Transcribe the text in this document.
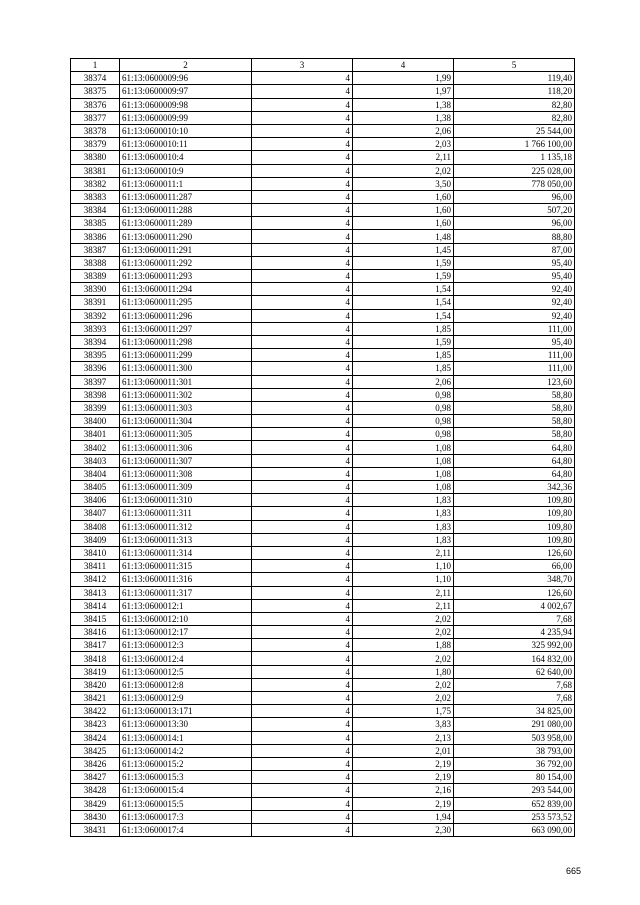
1	2	3	4	5
38374	61:13:0600009:96	4	1,99	119,40
38375	61:13:0600009:97	4	1,97	118,20
38376	61:13:0600009:98	4	1,38	82,80
38377	61:13:0600009:99	4	1,38	82,80
38378	61:13:0600010:10	4	2,06	25 544,00
38379	61:13:0600010:11	4	2,03	1 766 100,00
38380	61:13:0600010:4	4	2,11	1 135,18
38381	61:13:0600010:9	4	2,02	225 028,00
38382	61:13:0600011:1	4	3,50	778 050,00
38383	61:13:0600011:287	4	1,60	96,00
38384	61:13:0600011:288	4	1,60	507,20
38385	61:13:0600011:289	4	1,60	96,00
38386	61:13:0600011:290	4	1,48	88,80
38387	61:13:0600011:291	4	1,45	87,00
38388	61:13:0600011:292	4	1,59	95,40
38389	61:13:0600011:293	4	1,59	95,40
38390	61:13:0600011:294	4	1,54	92,40
38391	61:13:0600011:295	4	1,54	92,40
38392	61:13:0600011:296	4	1,54	92,40
38393	61:13:0600011:297	4	1,85	111,00
38394	61:13:0600011:298	4	1,59	95,40
38395	61:13:0600011:299	4	1,85	111,00
38396	61:13:0600011:300	4	1,85	111,00
38397	61:13:0600011:301	4	2,06	123,60
38398	61:13:0600011:302	4	0,98	58,80
38399	61:13:0600011:303	4	0,98	58,80
38400	61:13:0600011:304	4	0,98	58,80
38401	61:13:0600011:305	4	0,98	58,80
38402	61:13:0600011:306	4	1,08	64,80
38403	61:13:0600011:307	4	1,08	64,80
38404	61:13:0600011:308	4	1,08	64,80
38405	61:13:0600011:309	4	1,08	342,36
38406	61:13:0600011:310	4	1,83	109,80
38407	61:13:0600011:311	4	1,83	109,80
38408	61:13:0600011:312	4	1,83	109,80
38409	61:13:0600011:313	4	1,83	109,80
38410	61:13:0600011:314	4	2,11	126,60
38411	61:13:0600011:315	4	1,10	66,00
38412	61:13:0600011:316	4	1,10	348,70
38413	61:13:0600011:317	4	2,11	126,60
38414	61:13:0600012:1	4	2,11	4 002,67
38415	61:13:0600012:10	4	2,02	7,68
38416	61:13:0600012:17	4	2,02	4 235,94
38417	61:13:0600012:3	4	1,88	325 992,00
38418	61:13:0600012:4	4	2,02	164 832,00
38419	61:13:0600012:5	4	1,80	62 640,00
38420	61:13:0600012:8	4	2,02	7,68
38421	61:13:0600012:9	4	2,02	7,68
38422	61:13:0600013:171	4	1,75	34 825,00
38423	61:13:0600013:30	4	3,83	291 080,00
38424	61:13:0600014:1	4	2,13	503 958,00
38425	61:13:0600014:2	4	2,01	38 793,00
38426	61:13:0600015:2	4	2,19	36 792,00
38427	61:13:0600015:3	4	2,19	80 154,00
38428	61:13:0600015:4	4	2,16	293 544,00
38429	61:13:0600015:5	4	2,19	652 839,00
38430	61:13:0600017:3	4	1,94	253 573,52
38431	61:13:0600017:4	4	2,30	663 090,00
665
